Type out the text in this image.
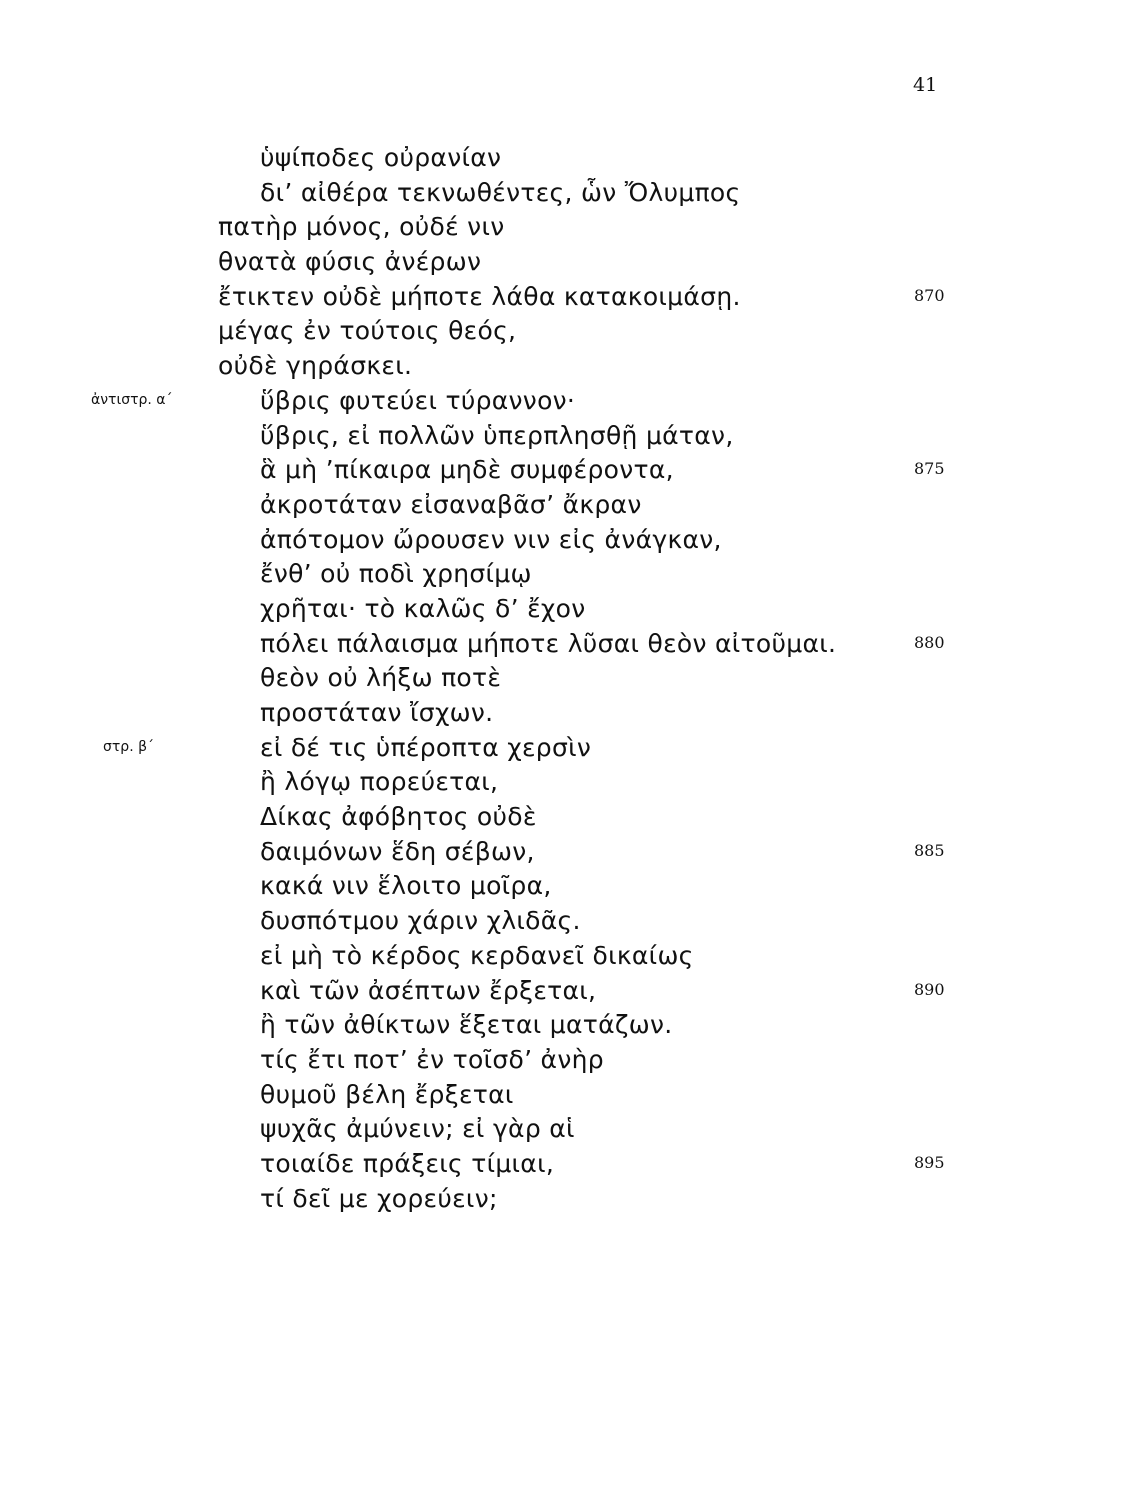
41
ὑψίποδες οὐρανίαν
δι’ αἰθέρα τεκνωθέντες, ὧν Ὄλυμπος
πατὴρ μόνος, οὐδέ νιν
θνατὰ φύσις ἀνέρων
ἔτικτεν οὐδὲ μήποτε λάθα κατακοιμάσῃ.	870
μέγας ἐν τούτοις θεός,
οὐδὲ γηράσκει.
ἀντιστρ. α´	ὕβρις φυτεύει τύραννον·
ὕβρις, εἰ πολλῶν ὑπερπλησθῇ μάταν,
ἃ μὴ ’πίκαιρα μηδὲ συμφέροντα,	875
ἀκροτάταν εἰσαναβᾶσ’ ἄκραν
ἀπότομον ὤρουσεν νιν εἰς ἀνάγκαν,
ἔνθ’ οὐ ποδὶ χρησίμῳ
χρῆται· τὸ καλῶς δ’ ἔχον
πόλει πάλαισμα μήποτε λῦσαι θεὸν αἰτοῦμαι.	880
θεὸν οὐ λήξω ποτὲ
προστάταν ἴσχων.
στρ. β´	εἰ δέ τις ὑπέροπτα χερσὶν
ἢ λόγῳ πορεύεται,
Δίκας ἀφόβητος οὐδὲ
δαιμόνων ἕδη σέβων,	885
κακά νιν ἕλοιτο μοῖρα,
δυσπότμου χάριν χλιδᾶς.
εἰ μὴ τὸ κέρδος κερδανεῖ δικαίως
καὶ τῶν ἀσέπτων ἔρξεται,	890
ἢ τῶν ἀθίκτων ἕξεται ματάζων.
τίς ἔτι ποτ’ ἐν τοῖσδ’ ἀνὴρ
θυμοῦ βέλη ἔρξεται
ψυχᾶς ἀμύνειν; εἰ γὰρ αἱ
τοιαίδε πράξεις τίμιαι,	895
τί δεῖ με χορεύειν;
